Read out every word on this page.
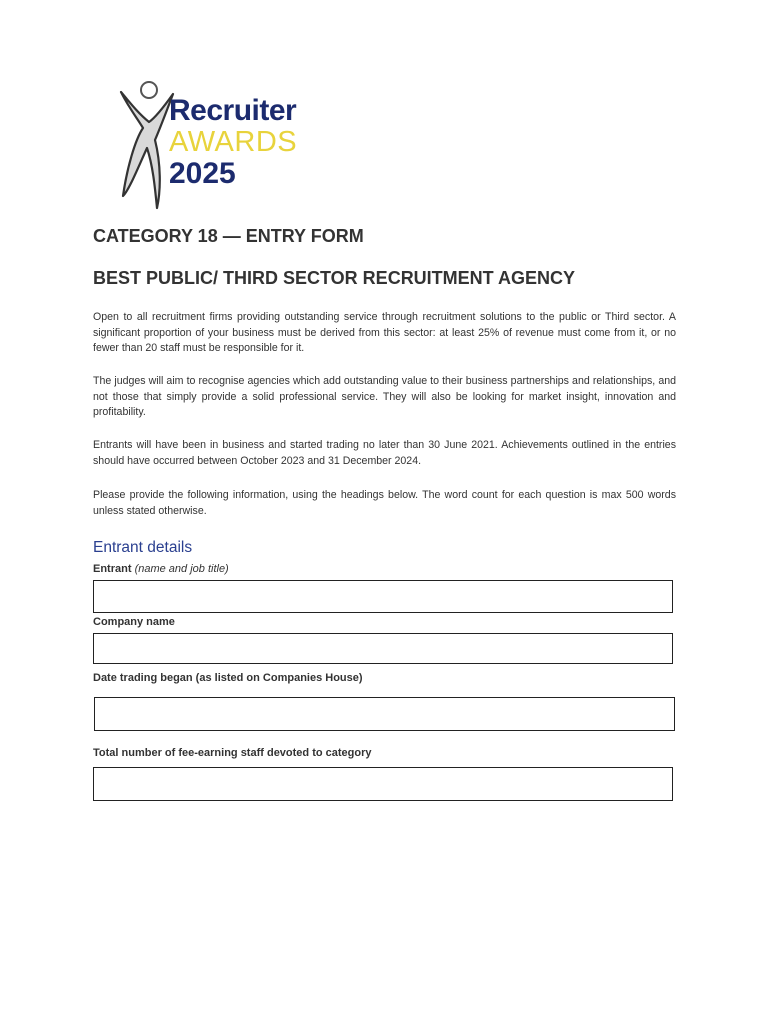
Recruiter
AWARDS
2025
CATEGORY 18 — ENTRY FORM
BEST PUBLIC/ THIRD SECTOR RECRUITMENT AGENCY

Open to all recruitment firms providing outstanding service through recruitment solutions to the public or Third sector. A significant proportion of your business must be derived from this sector: at least 25% of revenue must come from it, or no fewer than 20 staff must be responsible for it.

The judges will aim to recognise agencies which add outstanding value to their business partnerships and relationships, and not those that simply provide a solid professional service. They will also be looking for market insight, innovation and profitability.

Entrants will have been in business and started trading no later than 30 June 2021. Achievements outlined in the entries should have occurred between October 2023 and 31 December 2024.

Please provide the following information, using the headings below. The word count for each question is max 500 words unless stated otherwise.

Entrant details
Entrant (name and job title)
Company name
Date trading began (as listed on Companies House)
Total number of fee-earning staff devoted to category
